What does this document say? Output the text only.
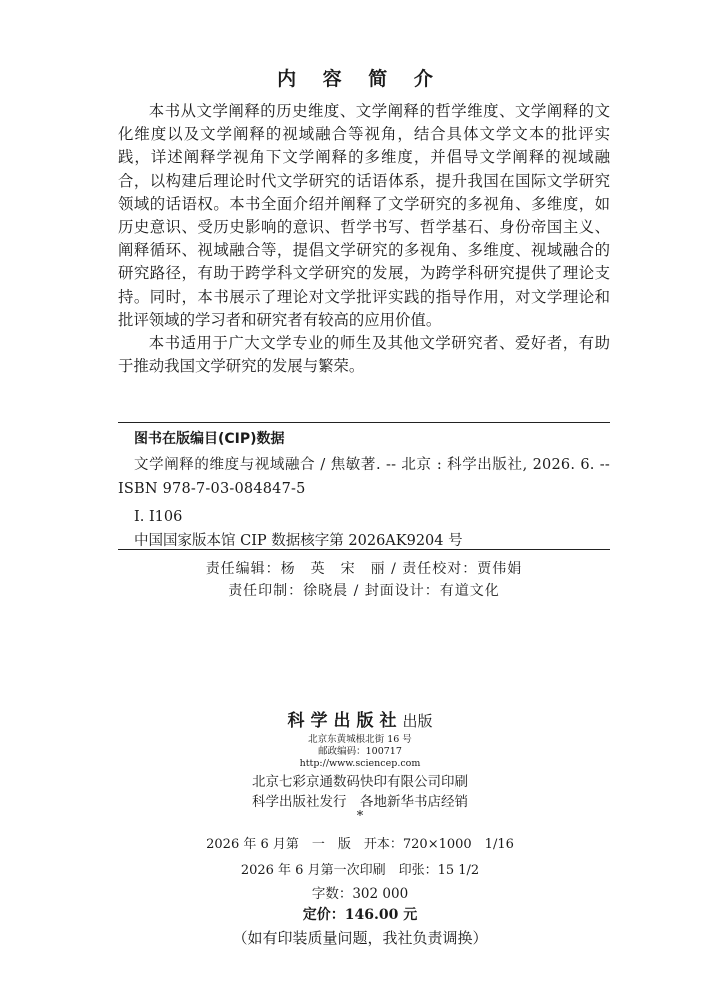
内 容 简 介

本书从文学阐释的历史维度、文学阐释的哲学维度、文学阐释的文化维度以及文学阐释的视域融合等视角，结合具体文学文本的批评实践，详述阐释学视角下文学阐释的多维度，并倡导文学阐释的视域融合，以构建后理论时代文学研究的话语体系，提升我国在国际文学研究领域的话语权。本书全面介绍并阐释了文学研究的多视角、多维度，如历史意识、受历史影响的意识、哲学书写、哲学基石、身份帝国主义、阐释循环、视域融合等，提倡文学研究的多视角、多维度、视域融合的研究路径，有助于跨学科文学研究的发展，为跨学科研究提供了理论支持。同时，本书展示了理论对文学批评实践的指导作用，对文学理论和批评领域的学习者和研究者有较高的应用价值。

本书适用于广大文学专业的师生及其他文学研究者、爱好者，有助于推动我国文学研究的发展与繁荣。

图书在版编目(CIP)数据
文学阐释的维度与视域融合 / 焦敏著. -- 北京 : 科学出版社, 2026. 6. -- ISBN 978-7-03-084847-5
Ⅰ. I106
中国国家版本馆 CIP 数据核字第 2026AK9204 号
责任编辑：杨　英　宋　丽 / 责任校对：贾伟娟
责任印制：徐晓晨 / 封面设计：有道文化
科学出版社出版
北京东黄城根北街 16 号
邮政编码：100717
http://www.sciencep.com
北京七彩京通数码快印有限公司印刷
科学出版社发行　各地新华书店经销
*
2026 年 6 月第　一　版　开本：720×1000　1/16
2026 年 6 月第一次印刷　印张：15 1/2
字数：302 000
定价：146.00 元
（如有印装质量问题，我社负责调换）
